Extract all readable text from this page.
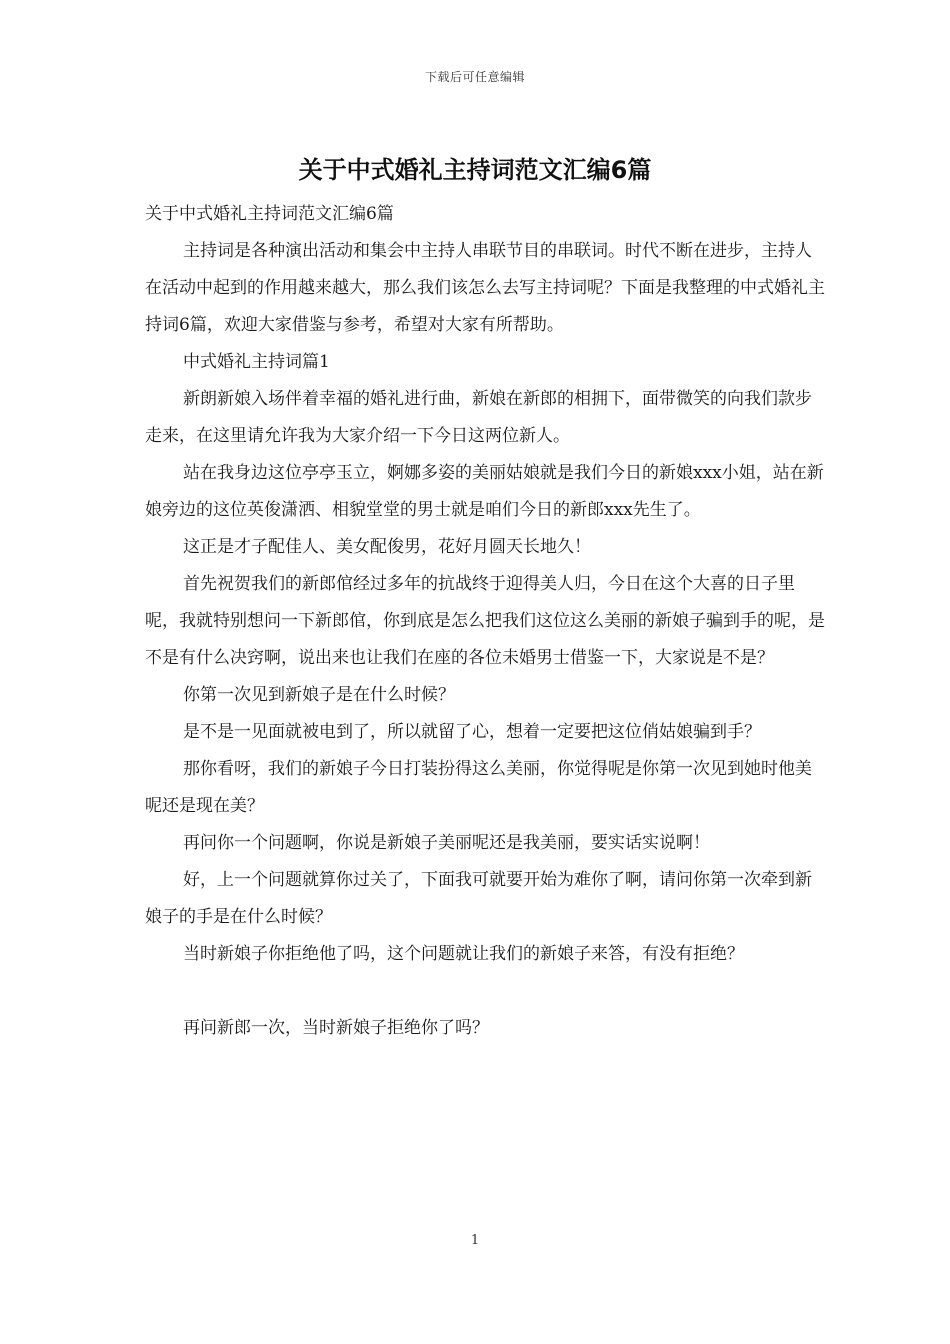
下载后可任意编辑
关于中式婚礼主持词范文汇编6篇

关于中式婚礼主持词范文汇编6篇

主持词是各种演出活动和集会中主持人串联节目的串联词。时代不断在进步，主持人在活动中起到的作用越来越大，那么我们该怎么去写主持词呢？下面是我整理的中式婚礼主持词6篇，欢迎大家借鉴与参考，希望对大家有所帮助。

中式婚礼主持词篇1

新朗新娘入场伴着幸福的婚礼进行曲，新娘在新郎的相拥下，面带微笑的向我们款步走来，在这里请允许我为大家介绍一下今日这两位新人。

站在我身边这位亭亭玉立，婀娜多姿的美丽姑娘就是我们今日的新娘xxx小姐，站在新娘旁边的这位英俊潇洒、相貌堂堂的男士就是咱们今日的新郎xxx先生了。

这正是才子配佳人、美女配俊男，花好月圆天长地久！

首先祝贺我们的新郎倌经过多年的抗战终于迎得美人归，今日在这个大喜的日子里呢，我就特别想问一下新郎倌，你到底是怎么把我们这位这么美丽的新娘子骗到手的呢，是不是有什么决窍啊，说出来也让我们在座的各位未婚男士借鉴一下，大家说是不是？

你第一次见到新娘子是在什么时候？

是不是一见面就被电到了，所以就留了心，想着一定要把这位俏姑娘骗到手？

那你看呀，我们的新娘子今日打装扮得这么美丽，你觉得呢是你第一次见到她时他美呢还是现在美？

再问你一个问题啊，你说是新娘子美丽呢还是我美丽，要实话实说啊！

好，上一个问题就算你过关了，下面我可就要开始为难你了啊，请问你第一次牵到新娘子的手是在什么时候？

当时新娘子你拒绝他了吗，这个问题就让我们的新娘子来答，有没有拒绝？

再问新郎一次，当时新娘子拒绝你了吗？

1
